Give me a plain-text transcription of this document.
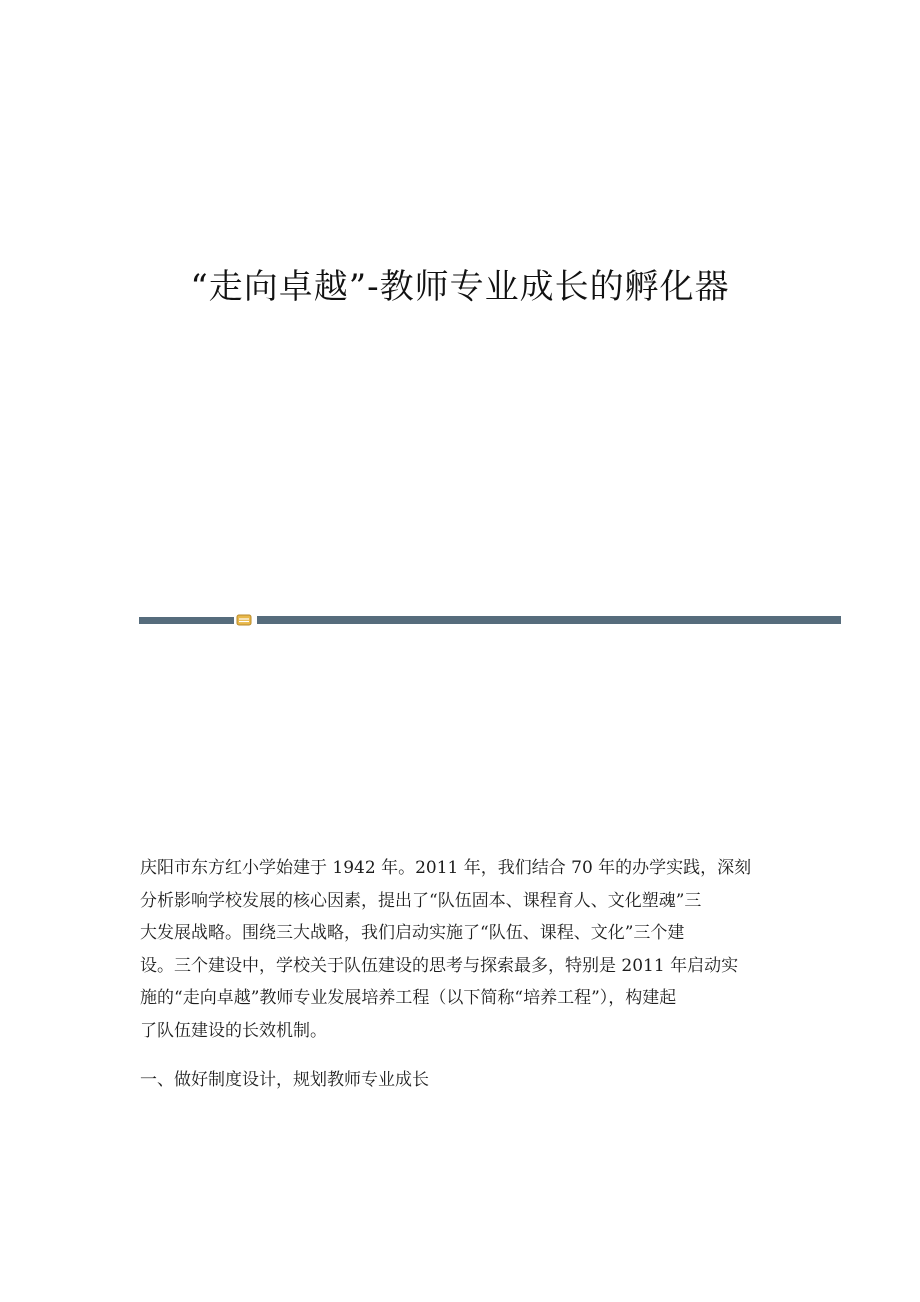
“走向卓越”-教师专业成长的孵化器

庆阳市东方红小学始建于 1942 年。2011 年，我们结合 70 年的办学实践，深刻
分析影响学校发展的核心因素，提出了“队伍固本、课程育人、文化塑魂”三
大发展战略。围绕三大战略，我们启动实施了“队伍、课程、文化”三个建
设。三个建设中，学校关于队伍建设的思考与探索最多，特别是 2011 年启动实
施的“走向卓越”教师专业发展培养工程（以下简称“培养工程”），构建起
了队伍建设的长效机制。

一、做好制度设计，规划教师专业成长
